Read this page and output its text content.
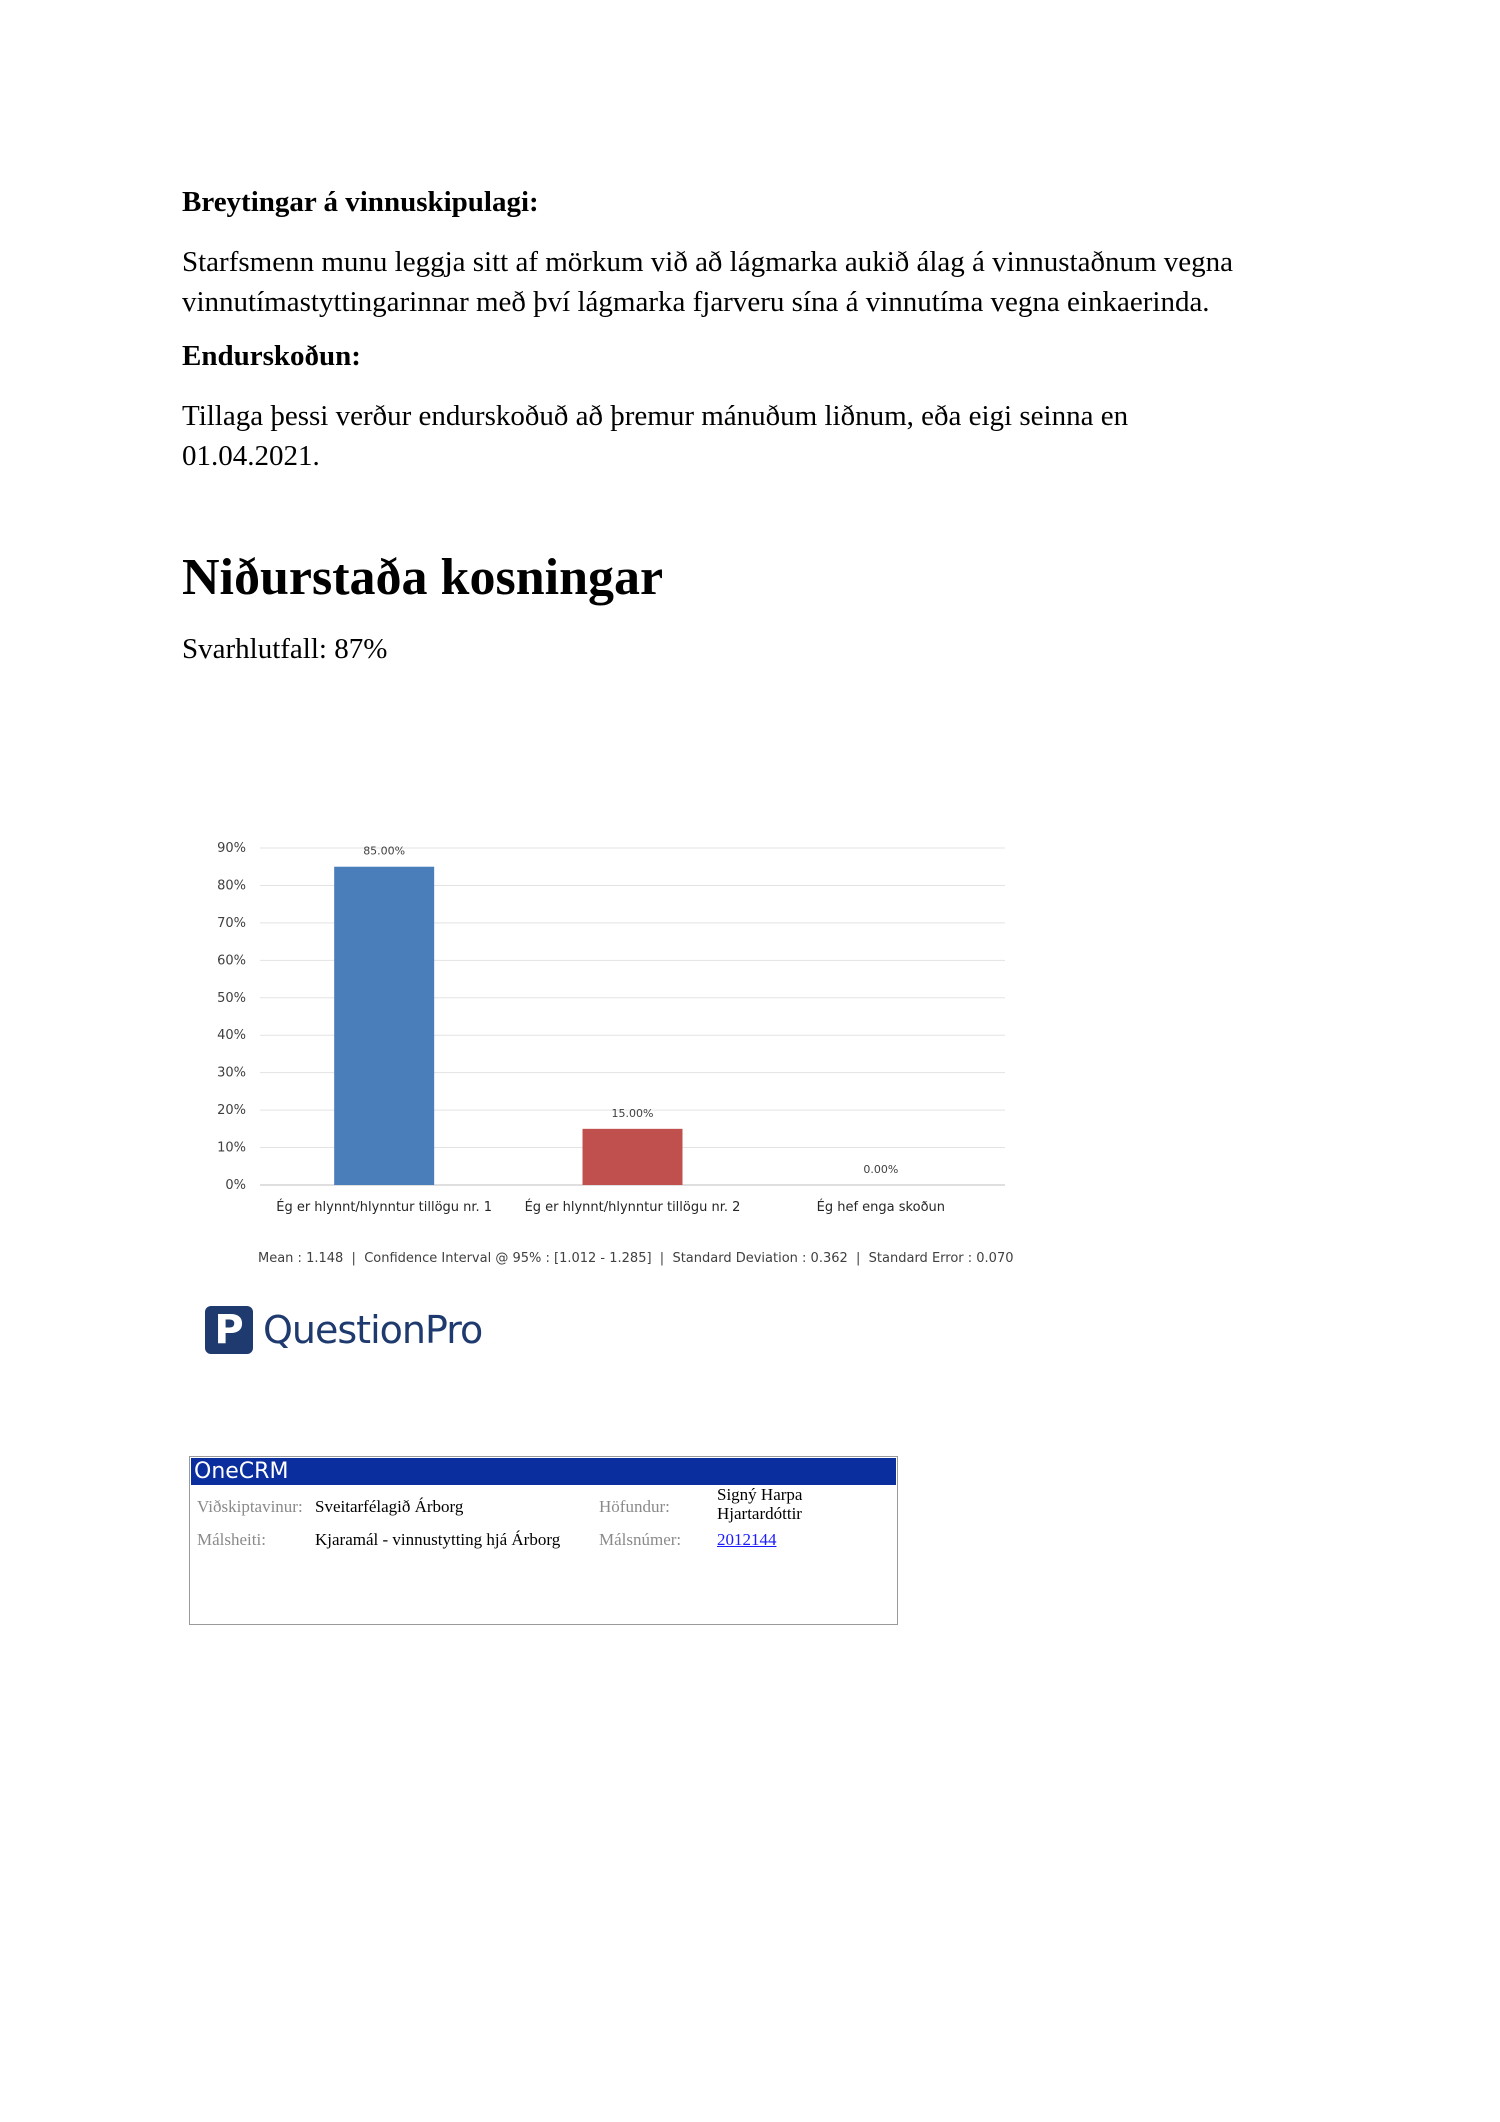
Breytingar á vinnuskipulagi:

Starfsmenn munu leggja sitt af mörkum við að lágmarka aukið álag á vinnustaðnum vegna vinnutímastyttingarinnar með því lágmarka fjarveru sína á vinnutíma vegna einkaerinda.

Endurskoðun:

Tillaga þessi verður endurskoðuð að þremur mánuðum liðnum, eða eigi seinna en 01.04.2021.

Niðurstaða kosningar

Svarhlutfall: 87%

0%
10%
20%
30%
40%
50%
60%
70%
80%
90%	85.00%
Ég er hlynnt/hlynntur tillögu nr. 1
15.00%
Ég er hlynnt/hlynntur tillögu nr. 2
0.00%
Ég hef enga skoðun
Mean : 1.148  |  Confidence Interval @ 95% : [1.012 - 1.285]  |  Standard Deviation : 0.362  |  Standard Error : 0.070
P QuestionPro
OneCRM
Viðskiptavinur: Sveitarfélagið Árborg	Höfundur:
Signý Harpa
Hjartardóttir
Málsheiti:	Kjaramál - vinnustytting hjá Árborg Málsnúmer: 2012144
